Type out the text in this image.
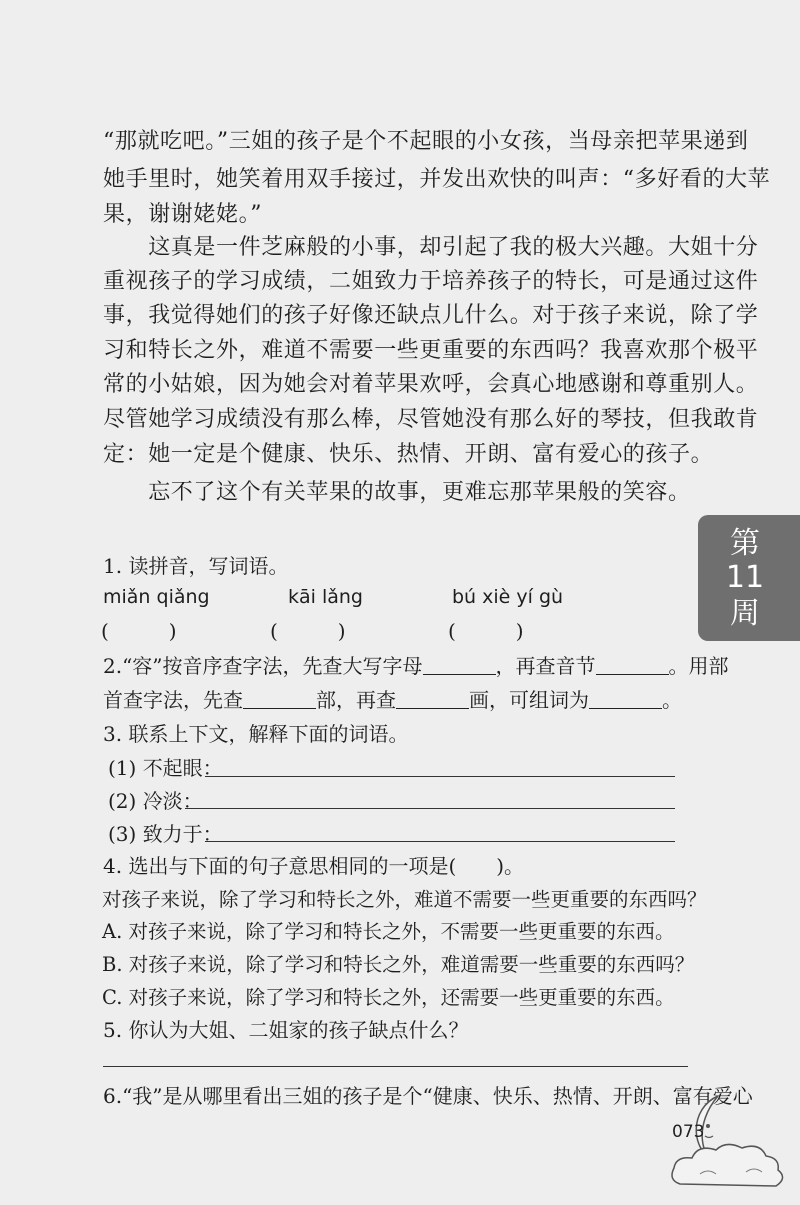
“那就吃吧。”三姐的孩子是个不起眼的小女孩，当母亲把苹果递到
她手里时，她笑着用双手接过，并发出欢快的叫声：“多好看的大苹
果，谢谢姥姥。”
　　这真是一件芝麻般的小事，却引起了我的极大兴趣。大姐十分
重视孩子的学习成绩，二姐致力于培养孩子的特长，可是通过这件
事，我觉得她们的孩子好像还缺点儿什么。对于孩子来说，除了学
习和特长之外，难道不需要一些更重要的东西吗？我喜欢那个极平
常的小姑娘，因为她会对着苹果欢呼，会真心地感谢和尊重别人。
尽管她学习成绩没有那么棒，尽管她没有那么好的琴技，但我敢肯
定：她一定是个健康、快乐、热情、开朗、富有爱心的孩子。
　　忘不了这个有关苹果的故事，更难忘那苹果般的笑容。
第
11
周
1. 读拼音，写词语。
miǎn qiǎng	kāi lǎng	bú xiè yí gù
(　　　)	(　　　)	(　　　)
2.“容”按音序查字法，先查大写字母	，再查音节	。用部
首查字法，先查	部，再查	画，可组词为	。
3. 联系上下文，解释下面的词语。
(1) 不起眼：
(2) 冷淡：
(3) 致力于：
4. 选出与下面的句子意思相同的一项是(　　)。
对孩子来说，除了学习和特长之外，难道不需要一些更重要的东西吗？
A. 对孩子来说，除了学习和特长之外，不需要一些更重要的东西。
B. 对孩子来说，除了学习和特长之外，难道需要一些重要的东西吗？
C. 对孩子来说，除了学习和特长之外，还需要一些更重要的东西。
5. 你认为大姐、二姐家的孩子缺点什么？
6.“我”是从哪里看出三姐的孩子是个“健康、快乐、热情、开朗、富有爱心
073
